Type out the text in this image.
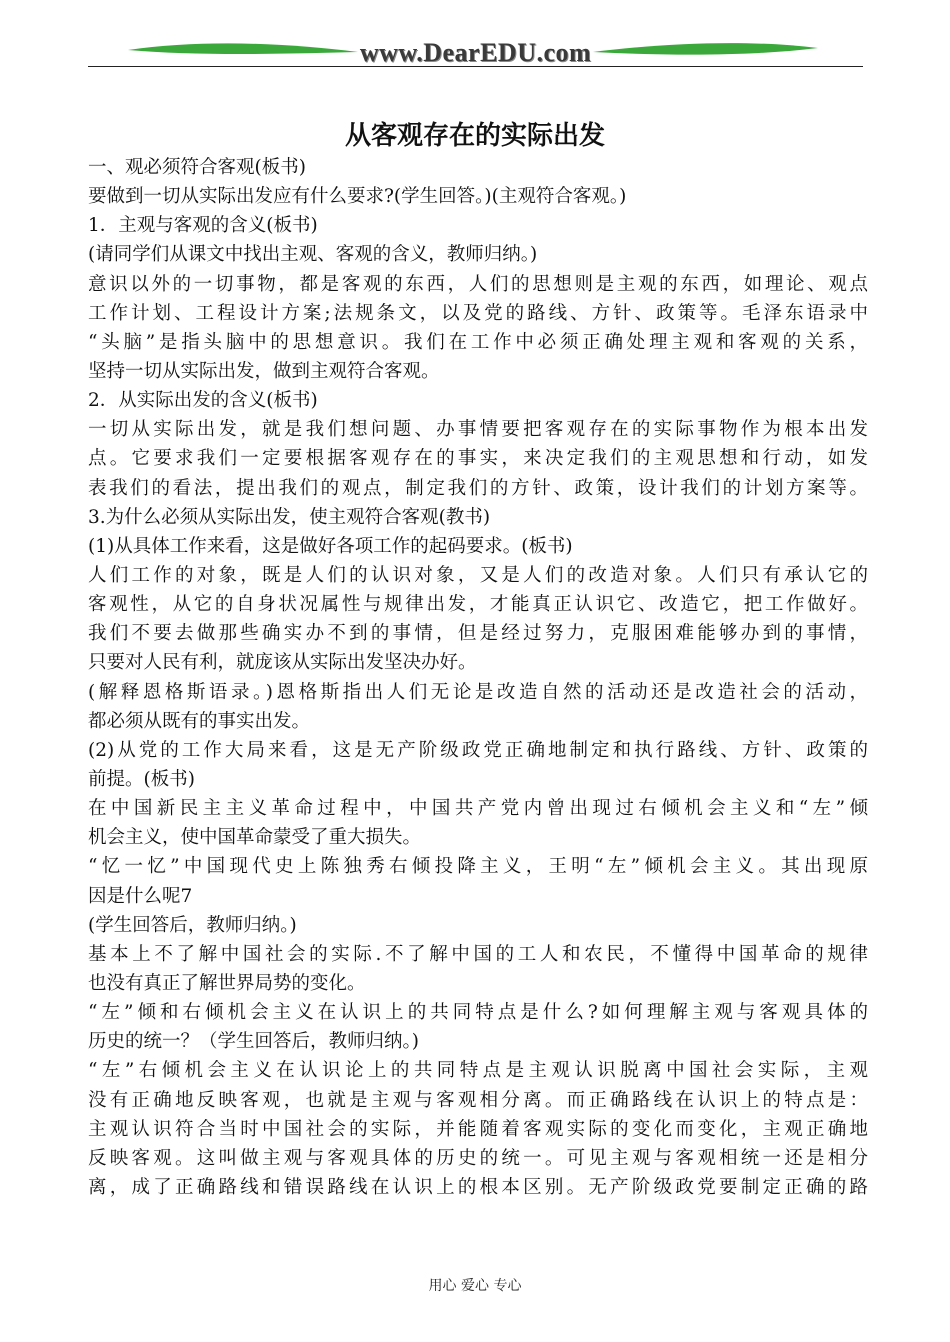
www.DearEDU.com
从客观存在的实际出发
一、观必须符合客观(板书)
要做到一切从实际出发应有什么要求?(学生回答。)(主观符合客观。)
1．主观与客观的含义(板书)
(请同学们从课文中找出主观、客观的含义，教师归纳。)
意识以外的一切事物，都是客观的东西，人们的思想则是主观的东西，如理论、观点
工作计划、工程设计方案;法规条文，以及党的路线、方针、政策等。毛泽东语录中
“头脑”是指头脑中的思想意识。我们在工作中必须正确处理主观和客观的关系，
坚持一切从实际出发，做到主观符合客观。
2．从实际出发的含义(板书)
一切从实际出发，就是我们想问题、办事情要把客观存在的实际事物作为根本出发
点。它要求我们一定要根据客观存在的事实，来决定我们的主观思想和行动，如发
表我们的看法，提出我们的观点，制定我们的方针、政策，设计我们的计划方案等。
3.为什么必须从实际出发，使主观符合客观(教书)
(1)从具体工作来看，这是做好各项工作的起码要求。(板书)
人们工作的对象，既是人们的认识对象，又是人们的改造对象。人们只有承认它的
客观性，从它的自身状况属性与规律出发，才能真正认识它、改造它，把工作做好。
我们不要去做那些确实办不到的事情，但是经过努力，克服困难能够办到的事情，
只要对人民有利，就庞该从实际出发坚决办好。
(解释恩格斯语录。)恩格斯指出人们无论是改造自然的活动还是改造社会的活动，
都必须从既有的事实出发。
(2)从党的工作大局来看，这是无产阶级政党正确地制定和执行路线、方针、政策的
前提。(板书)
在中国新民主主义革命过程中，中国共产党内曾出现过右倾机会主义和“左”倾
机会主义，使中国革命蒙受了重大损失。
“忆一忆”中国现代史上陈独秀右倾投降主义，王明“左”倾机会主义。其出现原
因是什么呢7
(学生回答后，教师归纳。)
基本上不了解中国社会的实际.不了解中国的工人和农民，不懂得中国革命的规律
也没有真正了解世界局势的变化。
“左”倾和右倾机会主义在认识上的共同特点是什么?如何理解主观与客观具体的
历史的统一？（学生回答后，教师归纳。)
“左”右倾机会主义在认识论上的共同特点是主观认识脱离中国社会实际，主观
没有正确地反映客观，也就是主观与客观相分离。而正确路线在认识上的特点是：
主观认识符合当时中国社会的实际，并能随着客观实际的变化而变化，主观正确地
反映客观。这叫做主观与客观具体的历史的统一。可见主观与客观相统一还是相分
离，成了正确路线和错误路线在认识上的根本区别。无产阶级政党要制定正确的路
用心 爱心 专心
